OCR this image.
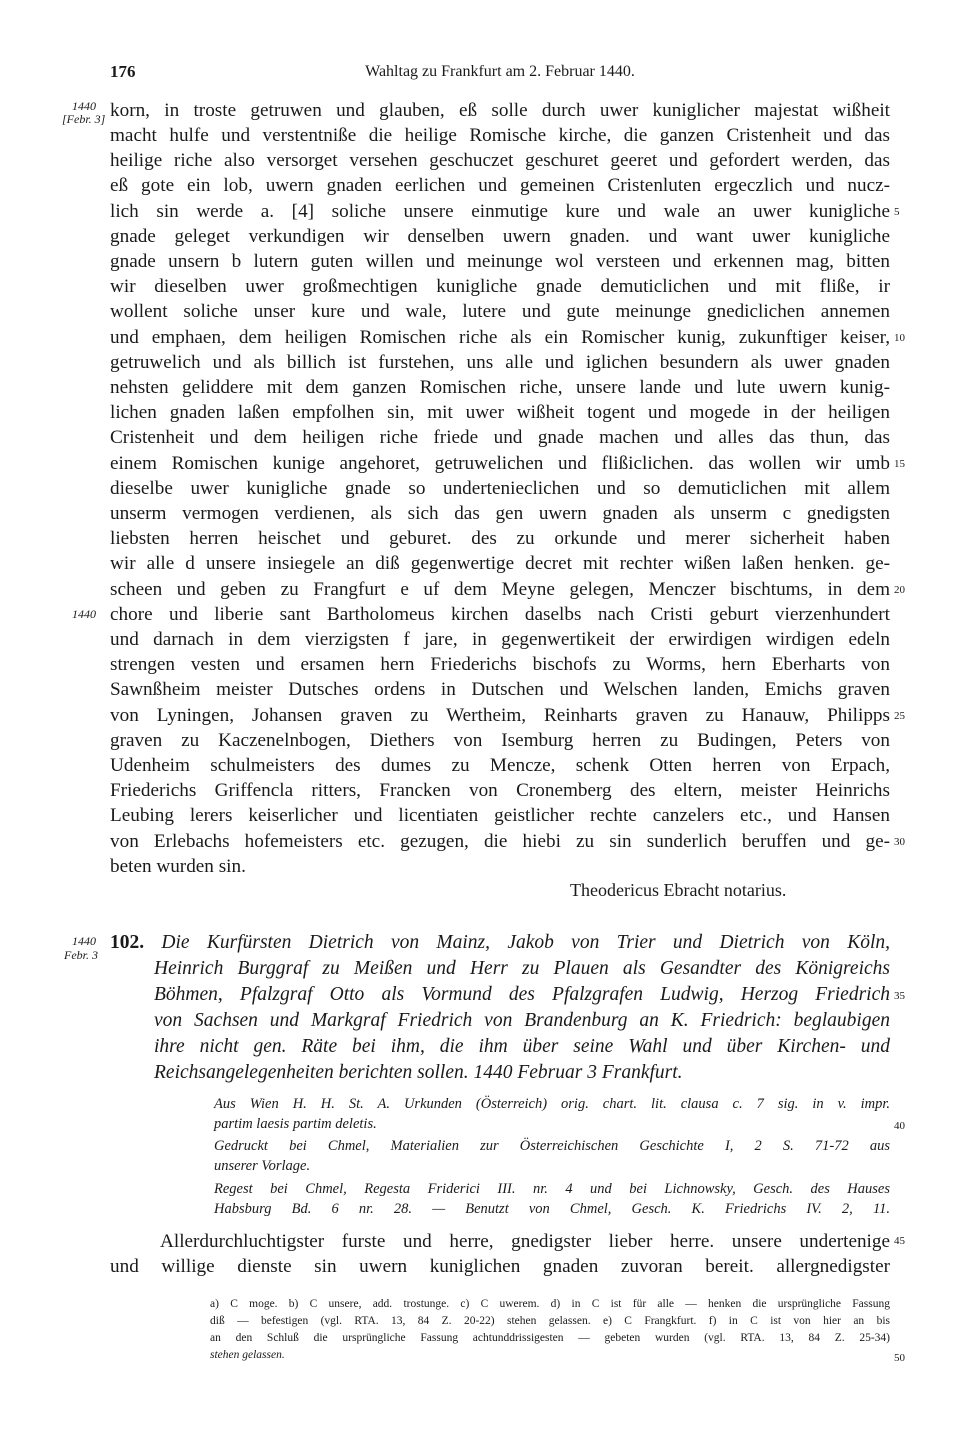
176	Wahltag zu Frankfurt am 2. Februar 1440.
1440
[Febr. 3]
1440
1440
Febr. 3
korn, in troste getruwen und glauben, eß solle durch uwer kuniglicher majestat wißheit
macht hulfe und verstentniße die heilige Romische kirche, die ganzen Cristenheit und das
heilige riche also versorget versehen geschuczet geschuret geeret und gefordert werden, das
eß gote ein lob, uwern gnaden eerlichen und gemeinen Cristenluten ergeczlich und nucz-
lich sin werde a. [4] soliche unsere einmutige kure und wale an uwer kunigliche
gnade geleget verkundigen wir denselben uwern gnaden. und want uwer kunigliche
gnade unsern b lutern guten willen und meinunge wol versteen und erkennen mag, bitten
wir dieselben uwer großmechtigen kunigliche gnade demuticlichen und mit fliße, ir
wollent soliche unser kure und wale, lutere und gute meinunge gnediclichen annemen
und emphaen, dem heiligen Romischen riche als ein Romischer kunig, zukunftiger keiser,
getruwelich und als billich ist furstehen, uns alle und iglichen besundern als uwer gnaden
nehsten geliddere mit dem ganzen Romischen riche, unsere lande und lute uwern kunig-
lichen gnaden laßen empfolhen sin, mit uwer wißheit togent und mogede in der heiligen
Cristenheit und dem heiligen riche friede und gnade machen und alles das thun, das
einem Romischen kunige angehoret, getruwelichen und flißiclichen. das wollen wir umb
dieselbe uwer kunigliche gnade so undertenieclichen und so demuticlichen mit allem
unserm vermogen verdienen, als sich das gen uwern gnaden als unserm c gnedigsten
liebsten herren heischet und geburet. des zu orkunde und merer sicherheit haben
wir alle d unsere insiegele an diß gegenwertige decret mit rechter wißen laßen henken. ge-
scheen und geben zu Frangfurt e uf dem Meyne gelegen, Menczer bischtums, in dem
chore und liberie sant Bartholomeus kirchen daselbs nach Cristi geburt vierzenhundert
und darnach in dem vierzigsten f jare, in gegenwertikeit der erwirdigen wirdigen edeln
strengen vesten und ersamen hern Friederichs bischofs zu Worms, hern Eberharts von
Sawnßheim meister Dutsches ordens in Dutschen und Welschen landen, Emichs graven
von Lyningen, Johansen graven zu Wertheim, Reinharts graven zu Hanauw, Philipps
graven zu Kaczenelnbogen, Diethers von Isemburg herren zu Budingen, Peters von
Udenheim schulmeisters des dumes zu Mencze, schenk Otten herren von Erpach,
Friederichs Griffencla ritters, Francken von Cronemberg des eltern, meister Heinrichs
Leubing lerers keiserlicher und licentiaten geistlicher rechte canzelers etc., und Hansen
von Erlebachs hofemeisters etc. gezugen, die hiebi zu sin sunderlich beruffen und ge-
beten wurden sin.
Theodericus Ebracht notarius.
102. Die Kurfürsten Dietrich von Mainz, Jakob von Trier und Dietrich von Köln,
Heinrich Burggraf zu Meißen und Herr zu Plauen als Gesandter des Königreichs
Böhmen, Pfalzgraf Otto als Vormund des Pfalzgrafen Ludwig, Herzog Friedrich
von Sachsen und Markgraf Friedrich von Brandenburg an K. Friedrich: beglaubigen
ihre nicht gen. Räte bei ihm, die ihm über seine Wahl und über Kirchen- und
Reichsangelegenheiten berichten sollen. 1440 Februar 3 Frankfurt.
Aus Wien H. H. St. A. Urkunden (Österreich) orig. chart. lit. clausa c. 7 sig. in v. impr.
partim laesis partim deletis.
Gedruckt bei Chmel, Materialien zur Österreichischen Geschichte I, 2 S. 71-72 aus
unserer Vorlage.
Regest bei Chmel, Regesta Friderici III. nr. 4 und bei Lichnowsky, Gesch. des Hauses
Habsburg Bd. 6 nr. 28. — Benutzt von Chmel, Gesch. K. Friedrichs IV. 2, 11.
Allerdurchluchtigster furste und herre, gnedigster lieber herre. unsere undertenige
und willige dienste sin uwern kuniglichen gnaden zuvoran bereit. allergnedigster
a) C moge. b) C unsere, add. trostunge. c) C uwerem. d) in C ist für alle — henken die ursprüngliche Fassung
diß — befestigen (vgl. RTA. 13, 84 Z. 20-22) stehen gelassen. e) C Frangkfurt. f) in C ist von hier an bis
an den Schluß die ursprüngliche Fassung achtunddrissigesten — gebeten wurden (vgl. RTA. 13, 84 Z. 25-34)
stehen gelassen.
5
10
15
20
25
30
35
40
45
50
